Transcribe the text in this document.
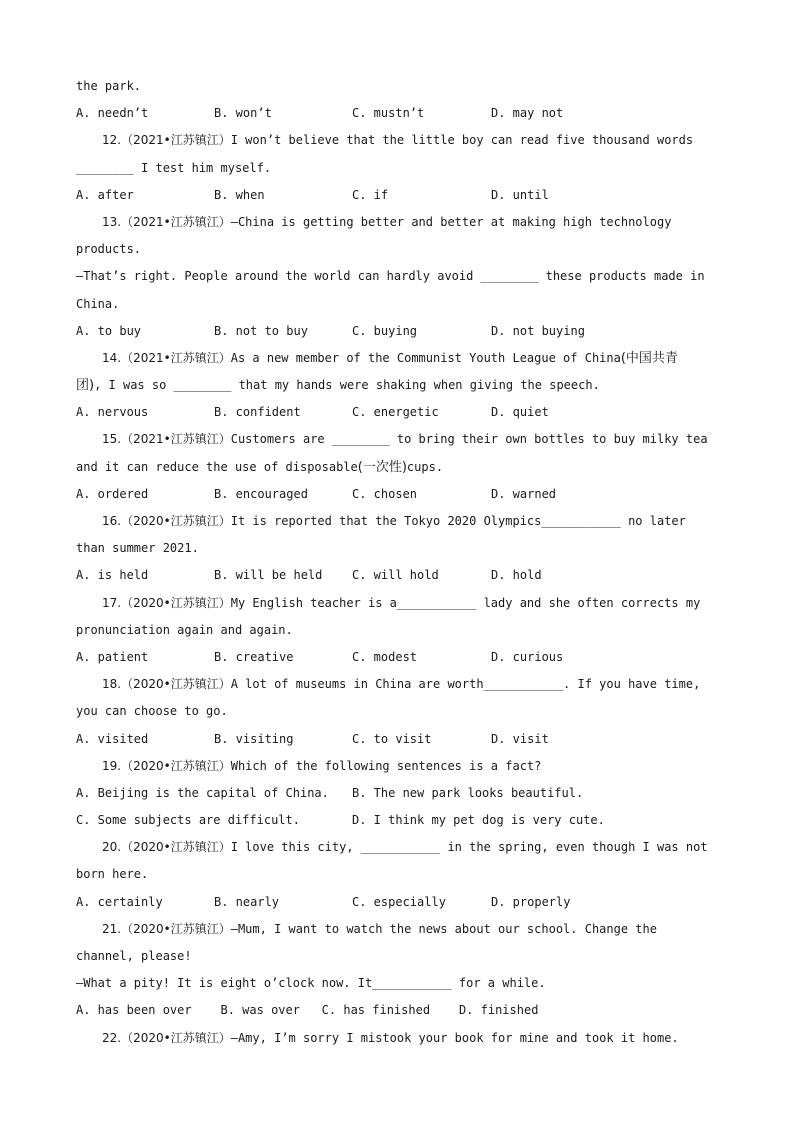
the park.
A. needn’t	B. won’t	C. mustn’t	D. may not
12.（2021•江苏镇江）I won’t believe that the little boy can read five thousand words
________ I test him myself.
A. after	B. when	C. if	D. until
13.（2021•江苏镇江）—China is getting better and better at making high technology
products.
—That’s right. People around the world can hardly avoid ________ these products made in
China.
A. to buy	B. not to buy	C. buying	D. not buying
14.（2021•江苏镇江）As a new member of the Communist Youth League of China(中国共青
团), I was so ________ that my hands were shaking when giving the speech.
A. nervous	B. confident	C. energetic	D. quiet
15.（2021•江苏镇江）Customers are ________ to bring their own bottles to buy milky tea
and it can reduce the use of disposable(一次性)cups.
A. ordered	B. encouraged	C. chosen	D. warned
16.（2020•江苏镇江）It is reported that the Tokyo 2020 Olympics___________ no later
than summer 2021.
A. is held	B. will be held	C. will hold	D. hold
17.（2020•江苏镇江）My English teacher is a___________ lady and she often corrects my
pronunciation again and again.
A. patient	B. creative	C. modest	D. curious
18.（2020•江苏镇江）A lot of museums in China are worth___________. If you have time,
you can choose to go.
A. visited	B. visiting	C. to visit	D. visit
19.（2020•江苏镇江）Which of the following sentences is a fact?
A. Beijing is the capital of China.	B. The new park looks beautiful.
C. Some subjects are difficult.	D. I think my pet dog is very cute.
20.（2020•江苏镇江）I love this city, ___________ in the spring, even though I was not
born here.
A. certainly	B. nearly	C. especially	D. properly
21.（2020•江苏镇江）—Mum, I want to watch the news about our school. Change the
channel, please!
—What a pity! It is eight o’clock now. It___________ for a while.
A. has been over B. was over C. has finished D. finished
22.（2020•江苏镇江）—Amy, I’m sorry I mistook your book for mine and took it home.
